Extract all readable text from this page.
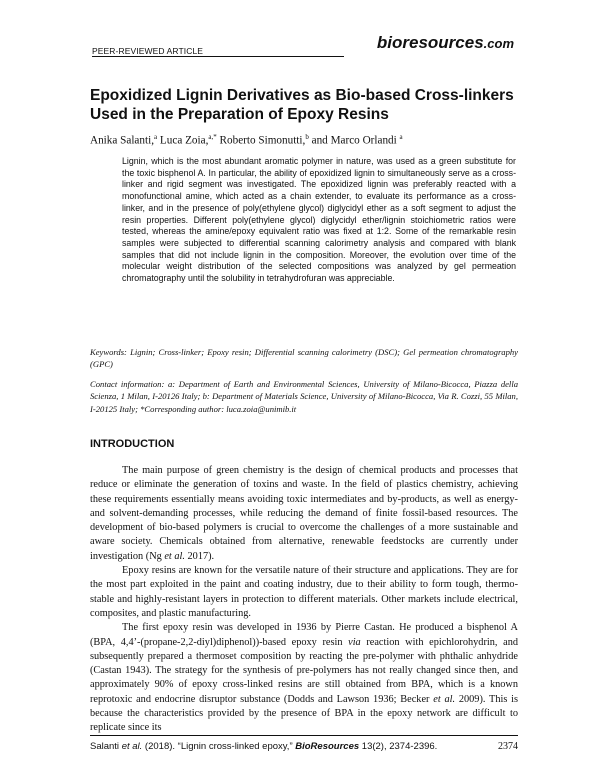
PEER-REVIEWED ARTICLE	bioresources.com
Epoxidized Lignin Derivatives as Bio-based Cross-linkers Used in the Preparation of Epoxy Resins
Anika Salanti,$^a$ Luca Zoia,$^{a,*}$ Roberto Simonutti,$^b$ and Marco Orlandi $^a$
Lignin, which is the most abundant aromatic polymer in nature, was used as a green substitute for the toxic bisphenol A. In particular, the ability of epoxidized lignin to simultaneously serve as a cross-linker and rigid segment was investigated. The epoxidized lignin was preferably reacted with a monofunctional amine, which acted as a chain extender, to evaluate its performance as a cross-linker, and in the presence of poly(ethylene glycol) diglycidyl ether as a soft segment to adjust the resin properties. Different poly(ethylene glycol) diglycidyl ether/lignin stoichiometric ratios were tested, whereas the amine/epoxy equivalent ratio was fixed at 1:2. Some of the remarkable resin samples were subjected to differential scanning calorimetry analysis and compared with blank samples that did not include lignin in the composition. Moreover, the evolution over time of the molecular weight distribution of the selected compositions was analyzed by gel permeation chromatography until the solubility in tetrahydrofuran was appreciable.
Keywords: Lignin; Cross-linker; Epoxy resin; Differential scanning calorimetry (DSC); Gel permeation chromatography (GPC)
Contact information: a: Department of Earth and Environmental Sciences, University of Milano-Bicocca, Piazza della Scienza, 1 Milan, I-20126 Italy; b: Department of Materials Science, University of Milano-Bicocca, Via R. Cozzi, 55 Milan, I-20125 Italy; *Corresponding author: luca.zoia@unimib.it
INTRODUCTION

The main purpose of green chemistry is the design of chemical products and processes that reduce or eliminate the generation of toxins and waste. In the field of plastics chemistry, achieving these requirements essentially means avoiding toxic intermediates and by-products, as well as energy- and solvent-demanding processes, while reducing the demand of finite fossil-based resources. The development of bio-based polymers is crucial to overcome the challenges of a more sustainable and aware society. Chemicals obtained from alternative, renewable feedstocks are currently under investigation (Ng et al. 2017).

Epoxy resins are known for the versatile nature of their structure and applications. They are for the most part exploited in the paint and coating industry, due to their ability to form tough, thermo-stable and highly-resistant layers in protection to different materials. Other markets include electrical, composites, and plastic manufacturing.

The first epoxy resin was developed in 1936 by Pierre Castan. He produced a bisphenol A (BPA, 4,4’-(propane-2,2-diyl)diphenol))-based epoxy resin via reaction with epichlorohydrin, and subsequently prepared a thermoset composition by reacting the pre-polymer with phthalic anhydride (Castan 1943). The strategy for the synthesis of pre-polymers has not really changed since then, and approximately 90% of epoxy cross-linked resins are still obtained from BPA, which is a known reprotoxic and endocrine disruptor substance (Dodds and Lawson 1936; Becker et al. 2009). This is because the characteristics provided by the presence of BPA in the epoxy network are difficult to replicate since its

Salanti et al. (2018). “Lignin cross-linked epoxy,” BioResources 13(2), 2374-2396.	2374
